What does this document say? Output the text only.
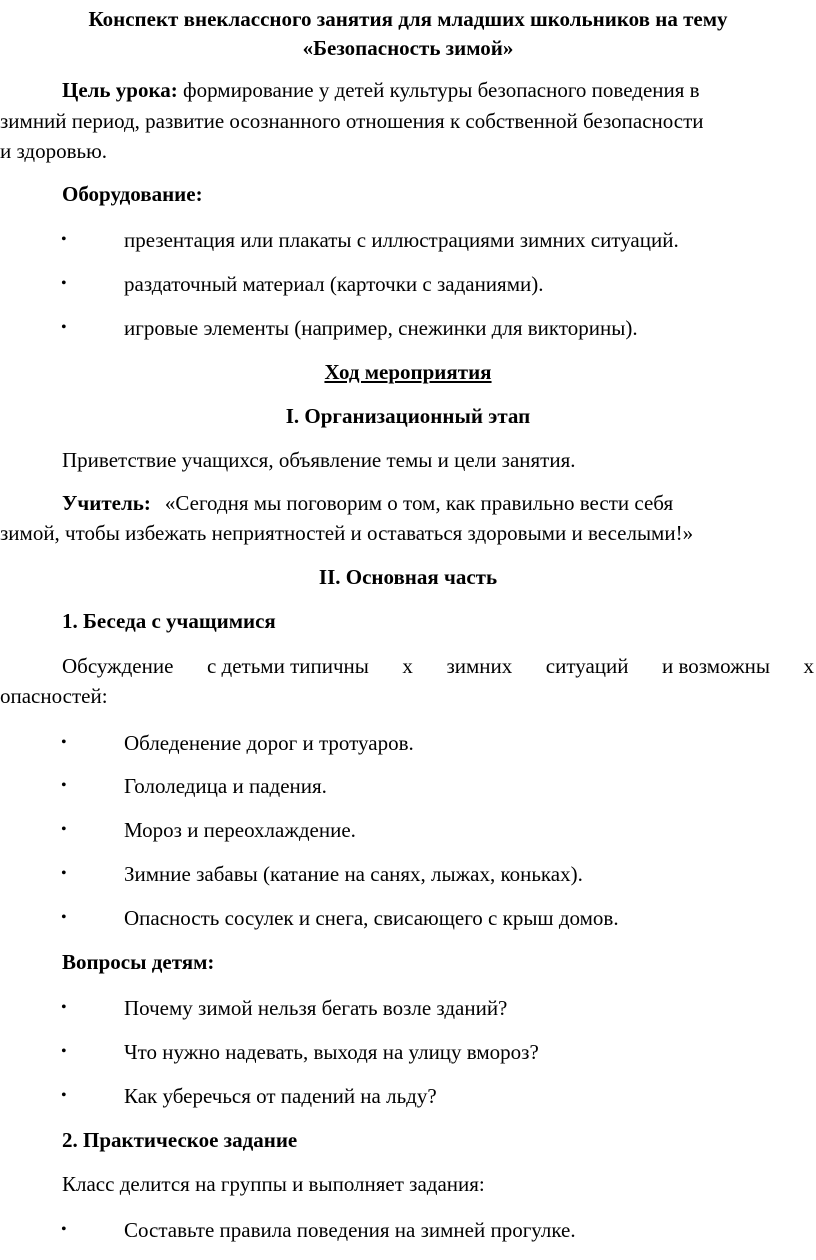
Конспект внеклассного занятия для младших школьников на тему
«Безопасность зимой»
Цель урока: формирование у детей культуры безопасного поведения в
зимний период, развитие осознанного отношения к собственной безопасности
и здоровью.
Оборудование:
•	презентация или плакаты с иллюстрациями зимних ситуаций.
•	раздаточный материал (карточки с заданиями).
•	игровые элементы (например, снежинки для викторины).
Ход мероприятия
I. Организационный этап
Приветствие учащихся, объявление темы и цели занятия.
Учитель: «Сегодня мы поговорим о том, как правильно вести себя
зимой, чтобы избежать неприятностей и оставаться здоровыми и веселыми!»
II. Основная часть
1. Беседа с учащимися
Обсуждение с детьми типичны х зимних ситуаций и возможны х
опасностей:
•	Обледенение дорог и тротуаров.
•	Гололедица и падения.
•	Мороз и переохлаждение.
•	Зимние забавы (катание на санях, лыжах, коньках).
•	Опасность сосулек и снега, свисающего с крыш домов.
Вопросы детям:
•	Почему зимой нельзя бегать возле зданий?
•	Что нужно надевать, выходя на улицу вмороз?
•	Как уберечься от падений на льду?
2. Практическое задание
Класс делится на группы и выполняет задания:
•	Составьте правила поведения на зимней прогулке.
